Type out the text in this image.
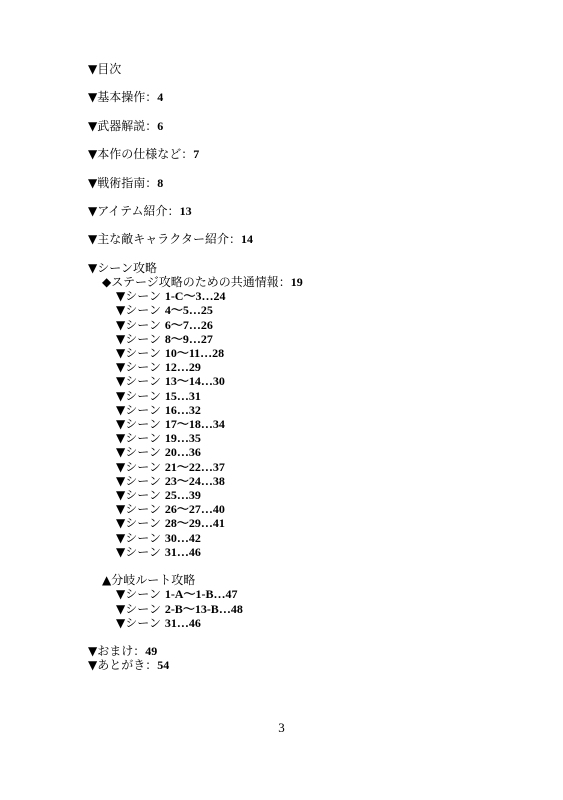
▼目次
▼基本操作：4
▼武器解説：6
▼本作の仕様など：7
▼戦術指南：8
▼アイテム紹介：13
▼主な敵キャラクター紹介：14
▼シーン攻略
◆ステージ攻略のための共通情報：19
▼シーン 1-C〜3…24
▼シーン 4〜5…25
▼シーン 6〜7…26
▼シーン 8〜9…27
▼シーン 10〜11…28
▼シーン 12…29
▼シーン 13〜14…30
▼シーン 15…31
▼シーン 16…32
▼シーン 17〜18…34
▼シーン 19…35
▼シーン 20…36
▼シーン 21〜22…37
▼シーン 23〜24…38
▼シーン 25…39
▼シーン 26〜27…40
▼シーン 28〜29…41
▼シーン 30…42
▼シーン 31…46
▲分岐ルート攻略
▼シーン 1-A〜1-B…47
▼シーン 2-B〜13-B…48
▼シーン 31…46
▼おまけ：49
▼あとがき：54
3
